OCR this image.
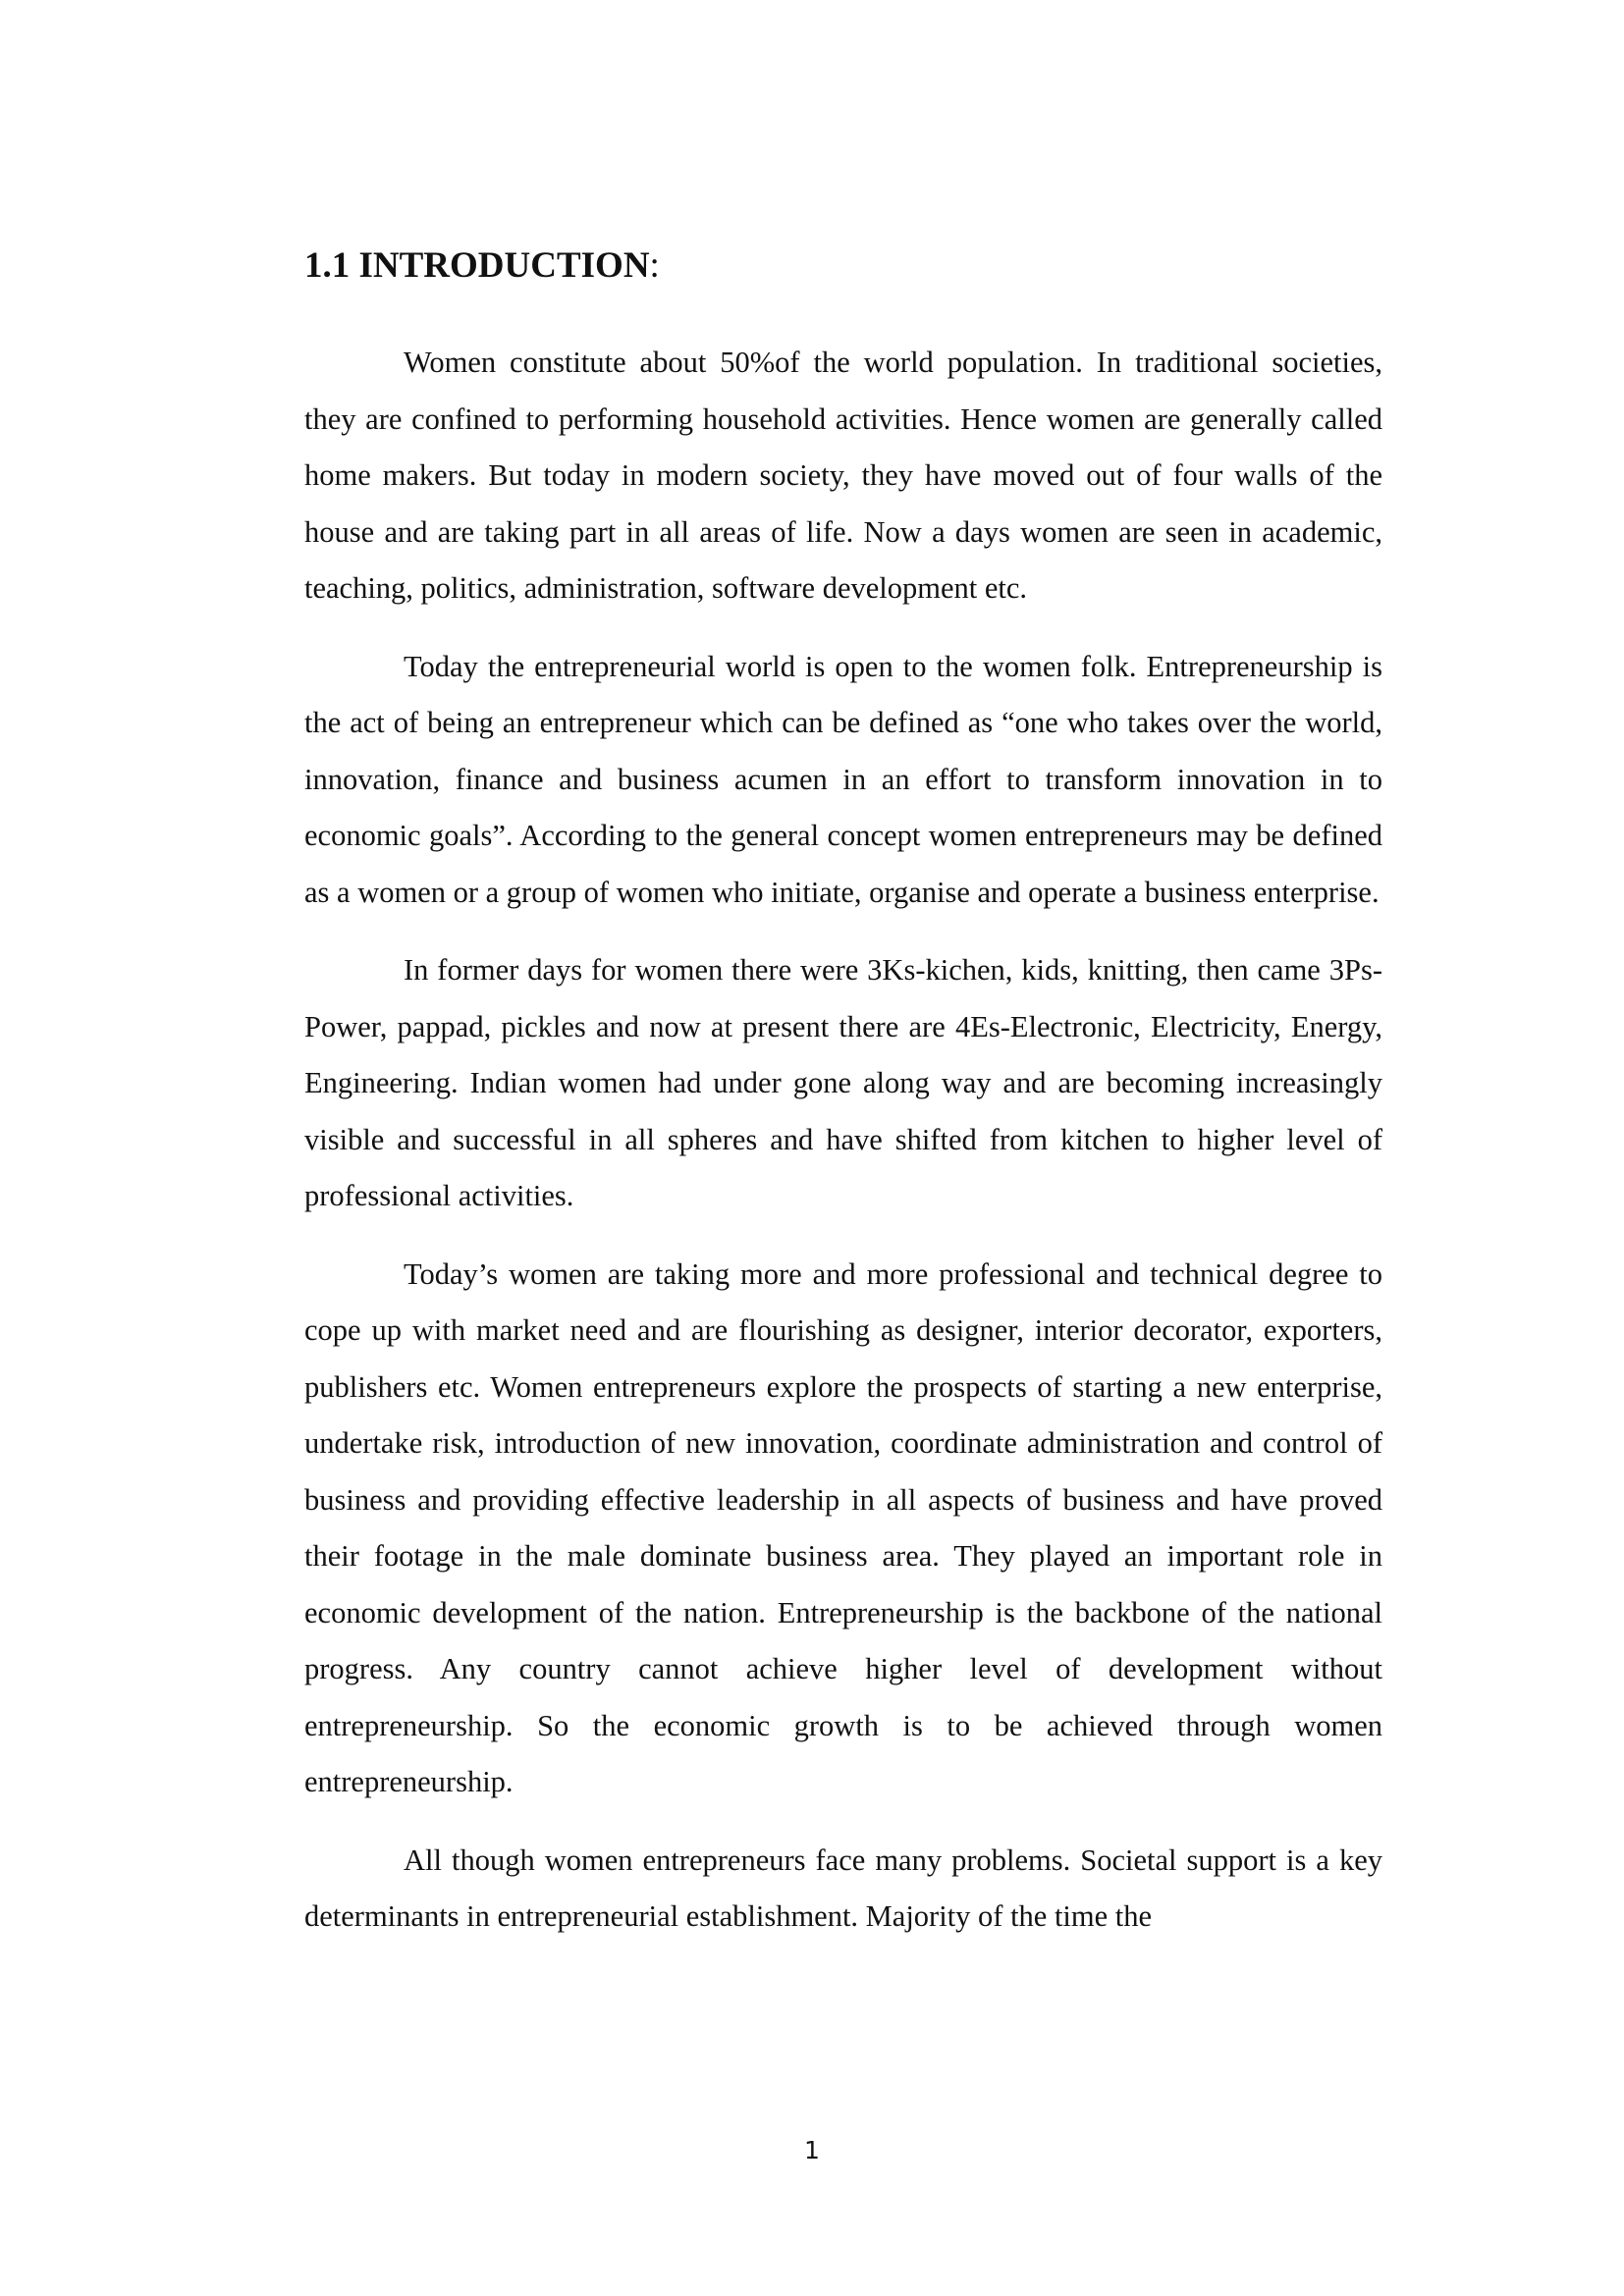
1.1 INTRODUCTION:

Women constitute about 50%of the world population. In traditional societies, they are confined to performing household activities. Hence women are generally called home makers. But today in modern society, they have moved out of four walls of the house and are taking part in all areas of life. Now a days women are seen in academic, teaching, politics, administration, software development etc.

Today the entrepreneurial world is open to the women folk. Entrepreneurship is the act of being an entrepreneur which can be defined as “one who takes over the world, innovation, finance and business acumen in an effort to transform innovation in to economic goals”. According to the general concept women entrepreneurs may be defined as a women or a group of women who initiate, organise and operate a business enterprise.

In former days for women there were 3Ks-kichen, kids, knitting, then came 3Ps-Power, pappad, pickles and now at present there are 4Es-Electronic, Electricity, Energy, Engineering. Indian women had under gone along way and are becoming increasingly visible and successful in all spheres and have shifted from kitchen to higher level of professional activities.

Today’s women are taking more and more professional and technical degree to cope up with market need and are flourishing as designer, interior decorator, exporters, publishers etc. Women entrepreneurs explore the prospects of starting a new enterprise, undertake risk, introduction of new innovation, coordinate administration and control of business and providing effective leadership in all aspects of business and have proved their footage in the male dominate business area. They played an important role in economic development of the nation. Entrepreneurship is the backbone of the national progress. Any country cannot achieve higher level of development without entrepreneurship. So the economic growth is to be achieved through women entrepreneurship.

All though women entrepreneurs face many problems. Societal support is a key determinants in entrepreneurial establishment. Majority of the time the

1
